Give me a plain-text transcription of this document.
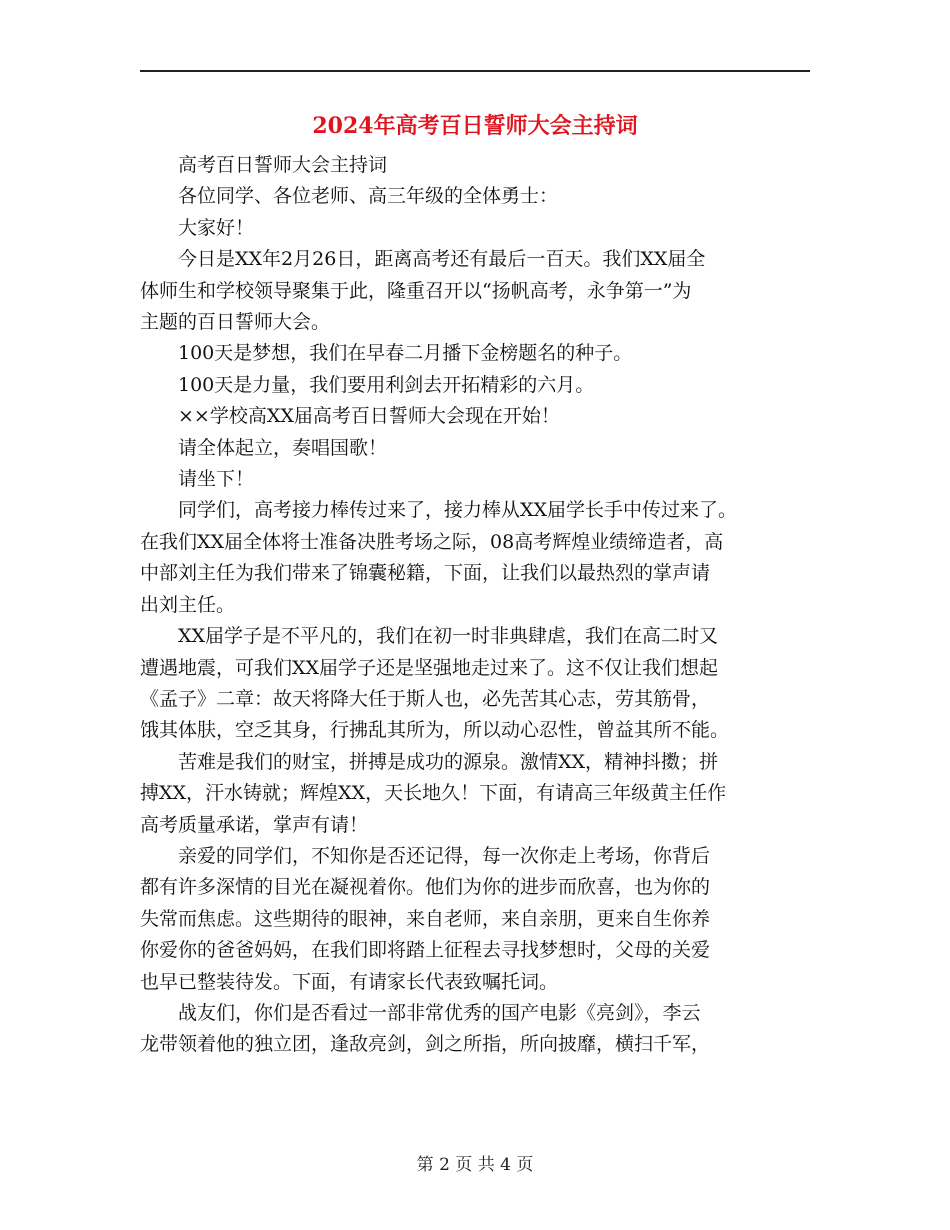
2024年高考百日誓师大会主持词

高考百日誓师大会主持词

各位同学、各位老师、高三年级的全体勇士：

大家好！

今日是XX年2月26日，距离高考还有最后一百天。我们XX届全
体师生和学校领导聚集于此，隆重召开以“扬帆高考，永争第一”为
主题的百日誓师大会。

100天是梦想，我们在早春二月播下金榜题名的种子。

100天是力量，我们要用利剑去开拓精彩的六月。

××学校高XX届高考百日誓师大会现在开始！

请全体起立，奏唱国歌！

请坐下！

同学们，高考接力棒传过来了，接力棒从XX届学长手中传过来了。
在我们XX届全体将士准备决胜考场之际，08高考辉煌业绩缔造者，高
中部刘主任为我们带来了锦囊秘籍，下面，让我们以最热烈的掌声请
出刘主任。

XX届学子是不平凡的，我们在初一时非典肆虐，我们在高二时又
遭遇地震，可我们XX届学子还是坚强地走过来了。这不仅让我们想起
《孟子》二章：故天将降大任于斯人也，必先苦其心志，劳其筋骨，
饿其体肤，空乏其身，行拂乱其所为，所以动心忍性，曾益其所不能。

苦难是我们的财宝，拼搏是成功的源泉。激情XX，精神抖擞；拼
搏XX，汗水铸就；辉煌XX，天长地久！下面，有请高三年级黄主任作
高考质量承诺，掌声有请！

亲爱的同学们，不知你是否还记得，每一次你走上考场，你背后
都有许多深情的目光在凝视着你。他们为你的进步而欣喜，也为你的
失常而焦虑。这些期待的眼神，来自老师，来自亲朋，更来自生你养
你爱你的爸爸妈妈，在我们即将踏上征程去寻找梦想时，父母的关爱
也早已整装待发。下面，有请家长代表致嘱托词。

战友们，你们是否看过一部非常优秀的国产电影《亮剑》，李云
龙带领着他的独立团，逢敌亮剑，剑之所指，所向披靡，横扫千军，

第 2 页 共 4 页
